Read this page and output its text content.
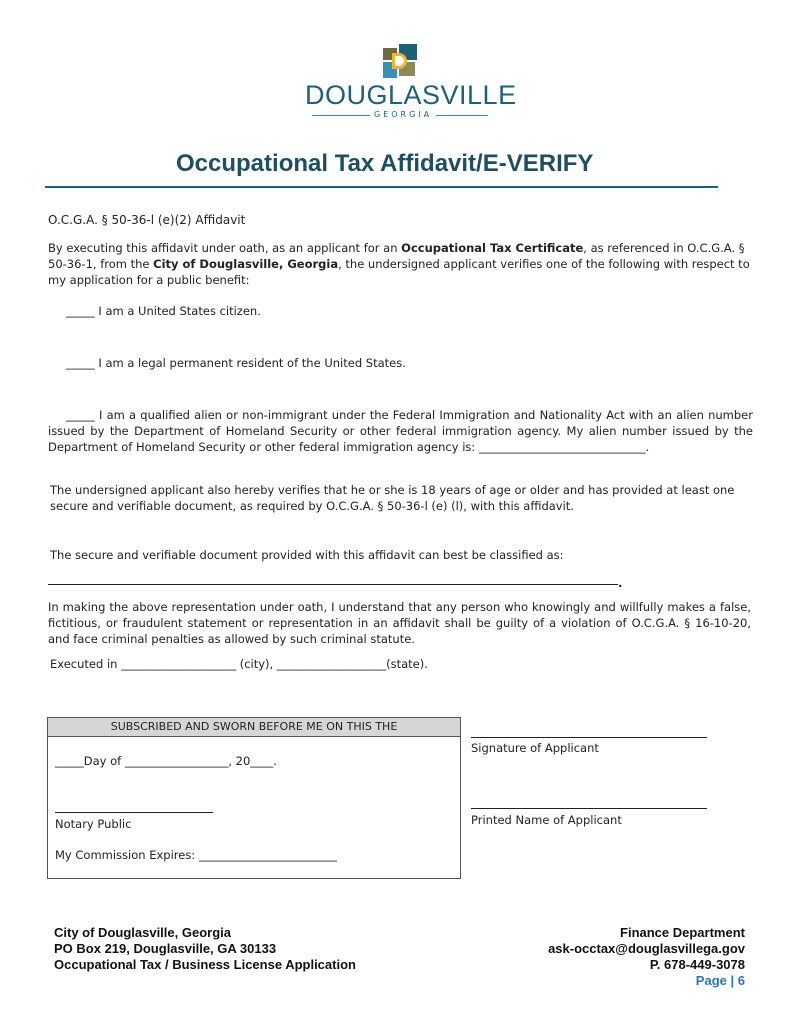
DOUGLASVILLE
GEORGIA
Occupational Tax Affidavit/E-VERIFY
O.C.G.A. § 50-36-l (e)(2) Affidavit
By executing this affidavit under oath, as an applicant for an Occupational Tax Certificate, as referenced in O.C.G.A. § 50-36-1, from the City of Douglasville, Georgia, the undersigned applicant verifies one of the following with respect to my application for a public benefit:
_____ I am a United States citizen.
_____ I am a legal permanent resident of the United States.
_____ I am a qualified alien or non-immigrant under the Federal Immigration and Nationality Act with an alien number issued by the Department of Homeland Security or other federal immigration agency. My alien number issued by the Department of Homeland Security or other federal immigration agency is: _____________________________.
The undersigned applicant also hereby verifies that he or she is 18 years of age or older and has provided at least one secure and verifiable document, as required by O.C.G.A. § 50-36-l (e) (l), with this affidavit.
The secure and verifiable document provided with this affidavit can best be classified as:
.
In making the above representation under oath, I understand that any person who knowingly and willfully makes a false, fictitious, or fraudulent statement or representation in an affidavit shall be guilty of a violation of O.C.G.A. § 16-10-20, and face criminal penalties as allowed by such criminal statute.
Executed in ____________________ (city), ___________________(state).
SUBSCRIBED AND SWORN BEFORE ME ON THIS THE
_____Day of __________________, 20____.
Notary Public
My Commission Expires: ________________________
Signature of Applicant
Printed Name of Applicant
City of Douglasville, Georgia
PO Box 219, Douglasville, GA 30133
Occupational Tax / Business License Application
Finance Department
ask-occtax@douglasvillega.gov
P. 678-449-3078
Page | 6
